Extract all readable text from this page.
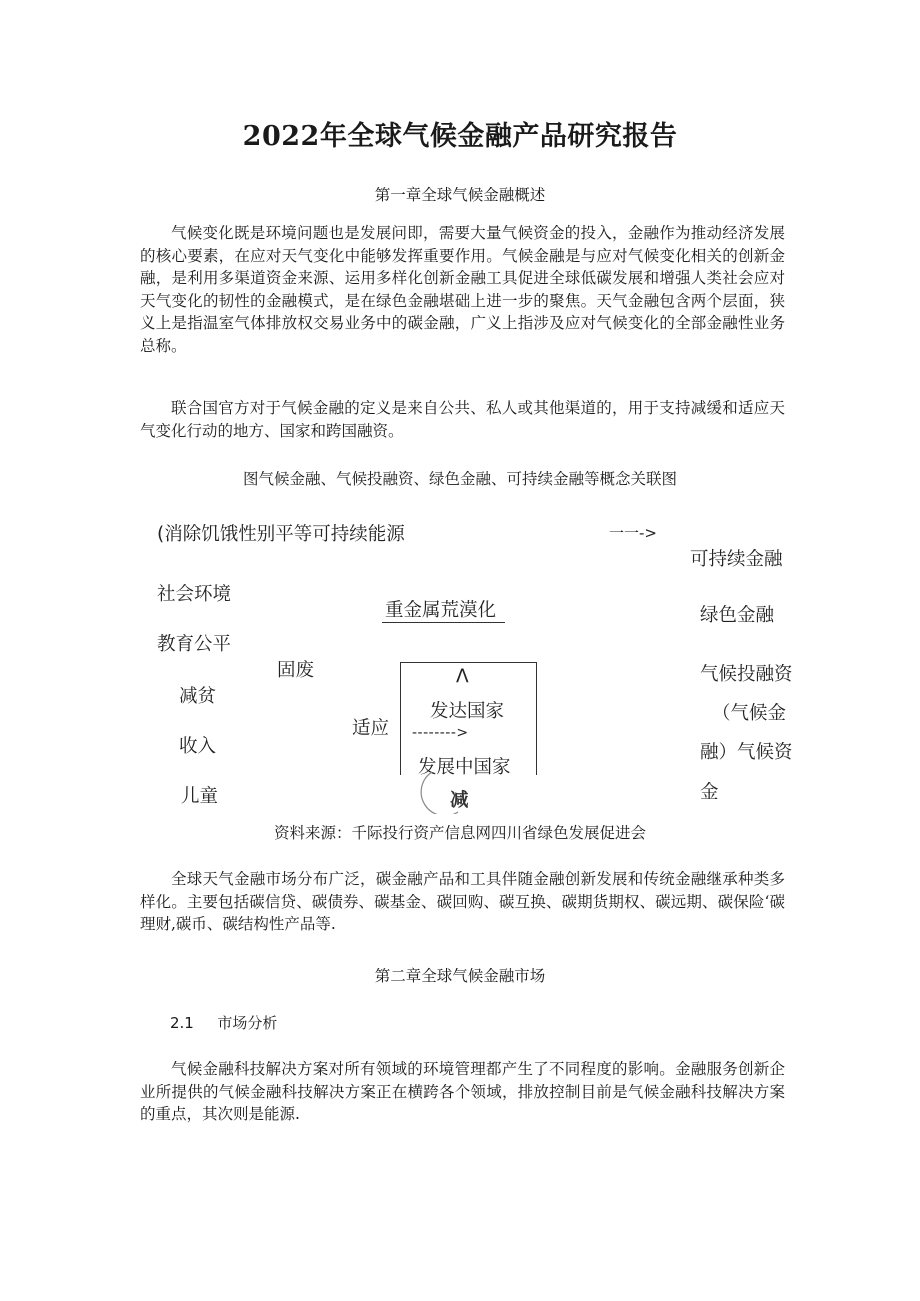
2022年全球气候金融产品研究报告
第一章全球气候金融概述

气候变化既是环境问题也是发展问即，需要大量气候资金的投入，金融作为推动经济发展的核心要素，在应对天气变化中能够发挥重要作用。气候金融是与应对气候变化相关的创新金融，是利用多渠道资金来源、运用多样化创新金融工具促进全球低碳发展和增强人类社会应对天气变化的韧性的金融模式，是在绿色金融堪础上进一步的聚焦。天气金融包含两个层面，狭义上是指温室气体排放权交易业务中的碳金融，广义上指涉及应对气候变化的全部金融性业务总称。

联合国官方对于气候金融的定义是来自公共、私人或其他渠道的，用于支持减缓和适应天气变化行动的地方、国家和跨国融资。

图气候金融、气候投融资、绿色金融、可持续金融等概念关联图
(消除饥饿性别平等可持续能源	一一->
社会环境
教育公平
减贫
收入
儿童
重金属荒漠化
固废
适应
Λ
发达国家
-------->
发展中国家
减
可持续金融
绿色金融
气候投融资
（气候金
融）气候资
金
资料来源：千际投行资产信息网四川省绿色发展促进会

全球天气金融市场分布广泛，碳金融产品和工具伴随金融创新发展和传统金融继承种类多样化。主要包括碳信贷、碳债券、碳基金、碳回购、碳互换、碳期货期权、碳远期、碳保险‘碳理财,碳币、碳结构性产品等.

第二章全球气候金融市场
2.1 市场分析

气候金融科技解决方案对所有领域的环境管理都产生了不同程度的影响。金融服务创新企业所提供的气候金融科技解决方案正在横跨各个领域，排放控制目前是气候金融科技解决方案的重点，其次则是能源.
